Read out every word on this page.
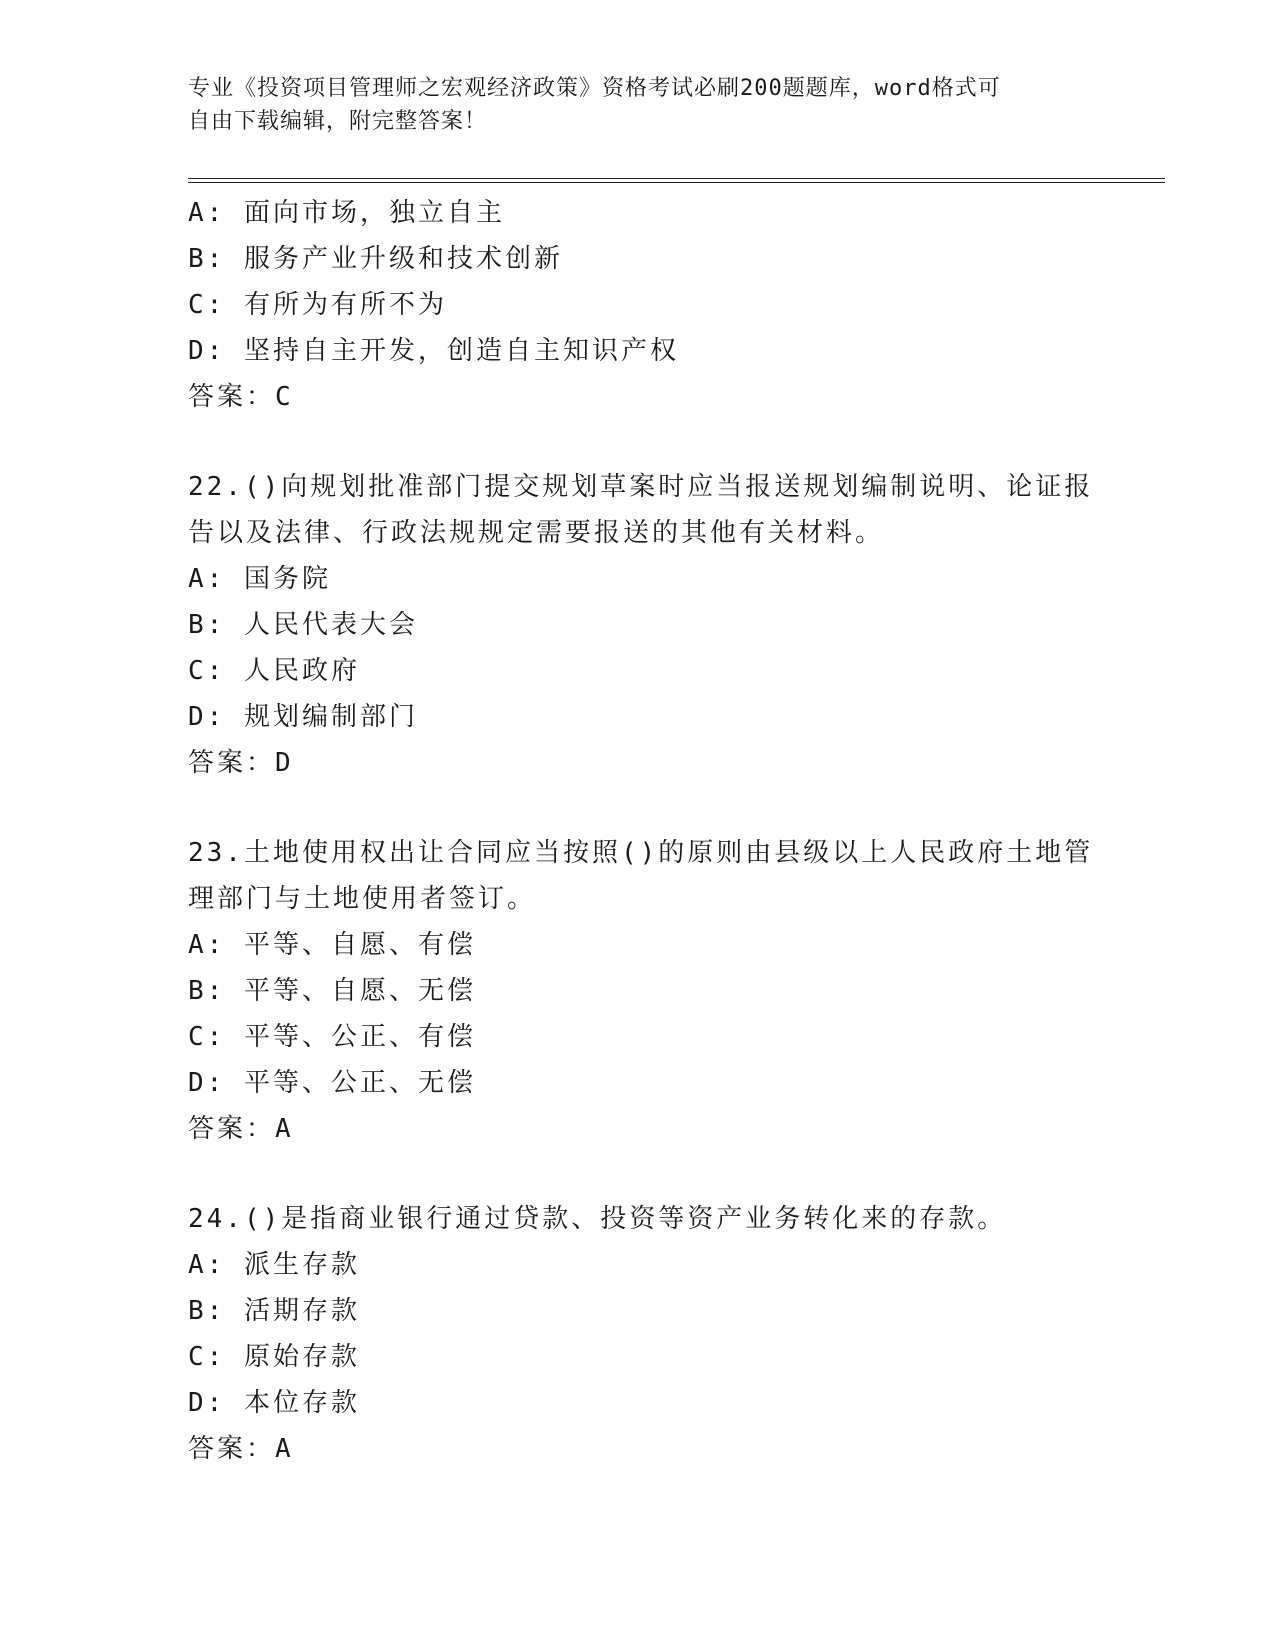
专业《投资项目管理师之宏观经济政策》资格考试必刷200题题库，word格式可
自由下载编辑，附完整答案！
A: 面向市场，独立自主
B: 服务产业升级和技术创新
C: 有所为有所不为
D: 坚持自主开发，创造自主知识产权
答案：C
22.()向规划批准部门提交规划草案时应当报送规划编制说明、论证报
告以及法律、行政法规规定需要报送的其他有关材料。
A: 国务院
B: 人民代表大会
C: 人民政府
D: 规划编制部门
答案：D
23.土地使用权出让合同应当按照()的原则由县级以上人民政府土地管
理部门与土地使用者签订。
A: 平等、自愿、有偿
B: 平等、自愿、无偿
C: 平等、公正、有偿
D: 平等、公正、无偿
答案：A
24.()是指商业银行通过贷款、投资等资产业务转化来的存款。
A: 派生存款
B: 活期存款
C: 原始存款
D: 本位存款
答案：A
